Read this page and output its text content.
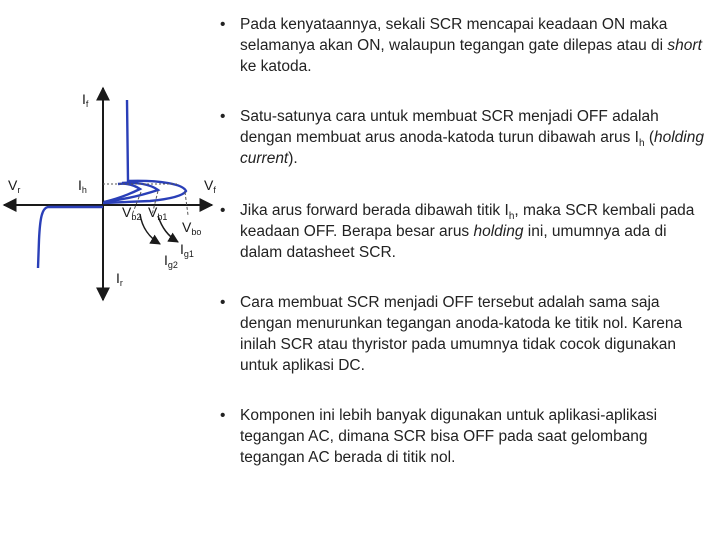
$I_f$
$V_r$	$I_h$	$V_f$
$V_{b2}$ $V_{b1}$
$V_{bo}$
$I_{g2}$
$I_{g1}$
$I_r$
• Pada kenyataannya, sekali SCR mencapai keadaan ON maka selamanya akan ON, walaupun tegangan gate dilepas atau di short ke katoda.
• Satu-satunya cara untuk membuat SCR menjadi OFF adalah dengan membuat arus anoda-katoda turun dibawah arus $I_h$ (holding current).
• Jika arus forward berada dibawah titik $I_h$, maka SCR kembali pada keadaan OFF. Berapa besar arus holding ini, umumnya ada di dalam datasheet SCR.
• Cara membuat SCR menjadi OFF tersebut adalah sama saja dengan menurunkan tegangan anoda-katoda ke titik nol. Karena inilah SCR atau thyristor pada umumnya tidak cocok digunakan untuk aplikasi DC.
• Komponen ini lebih banyak digunakan untuk aplikasi-aplikasi tegangan AC, dimana SCR bisa OFF pada saat gelombang tegangan AC berada di titik nol.
